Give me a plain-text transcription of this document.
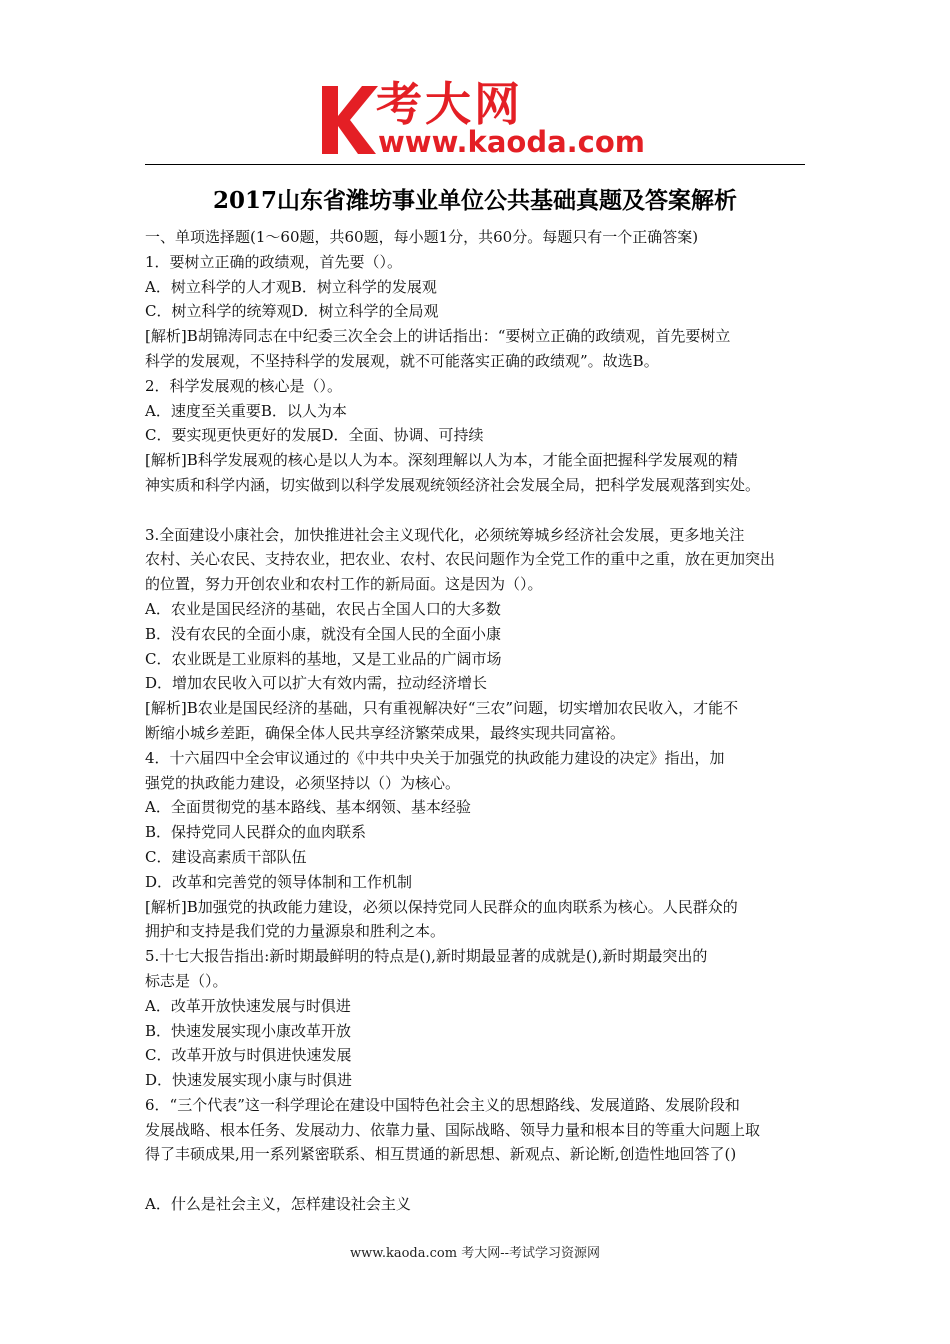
考大网
www.kaoda.com
2017山东省潍坊事业单位公共基础真题及答案解析
一、单项选择题(1～60题，共60题，每小题1分，共60分。每题只有一个正确答案)
1．要树立正确的政绩观，首先要（）。
A．树立科学的人才观B．树立科学的发展观
C．树立科学的统筹观D．树立科学的全局观
[解析]B胡锦涛同志在中纪委三次全会上的讲话指出：“要树立正确的政绩观，首先要树立
科学的发展观，不坚持科学的发展观，就不可能落实正确的政绩观”。故选B。
2．科学发展观的核心是（）。
A．速度至关重要B．以人为本
C．要实现更快更好的发展D．全面、协调、可持续
[解析]B科学发展观的核心是以人为本。深刻理解以人为本，才能全面把握科学发展观的精
神实质和科学内涵，切实做到以科学发展观统领经济社会发展全局，把科学发展观落到实处。
3.全面建设小康社会，加快推进社会主义现代化，必须统筹城乡经济社会发展，更多地关注
农村、关心农民、支持农业，把农业、农村、农民问题作为全党工作的重中之重，放在更加突出
的位置，努力开创农业和农村工作的新局面。这是因为（）。
A．农业是国民经济的基础，农民占全国人口的大多数
B．没有农民的全面小康，就没有全国人民的全面小康
C．农业既是工业原料的基地，又是工业品的广阔市场
D．增加农民收入可以扩大有效内需，拉动经济增长
[解析]B农业是国民经济的基础，只有重视解决好“三农”问题，切实增加农民收入，才能不
断缩小城乡差距，确保全体人民共享经济繁荣成果，最终实现共同富裕。
4．十六届四中全会审议通过的《中共中央关于加强党的执政能力建设的决定》指出，加
强党的执政能力建设，必须坚持以（）为核心。
A．全面贯彻党的基本路线、基本纲领、基本经验
B．保持党同人民群众的血肉联系
C．建设高素质干部队伍
D．改革和完善党的领导体制和工作机制
[解析]B加强党的执政能力建设，必须以保持党同人民群众的血肉联系为核心。人民群众的
拥护和支持是我们党的力量源泉和胜利之本。
5.十七大报告指出:新时期最鲜明的特点是(),新时期最显著的成就是(),新时期最突出的
标志是（）。
A．改革开放快速发展与时俱进
B．快速发展实现小康改革开放
C．改革开放与时俱进快速发展
D．快速发展实现小康与时俱进
6．“三个代表”这一科学理论在建设中国特色社会主义的思想路线、发展道路、发展阶段和
发展战略、根本任务、发展动力、依靠力量、国际战略、领导力量和根本目的等重大问题上取
得了丰硕成果,用一系列紧密联系、相互贯通的新思想、新观点、新论断,创造性地回答了()
A．什么是社会主义，怎样建设社会主义
www.kaoda.com 考大网--考试学习资源网
